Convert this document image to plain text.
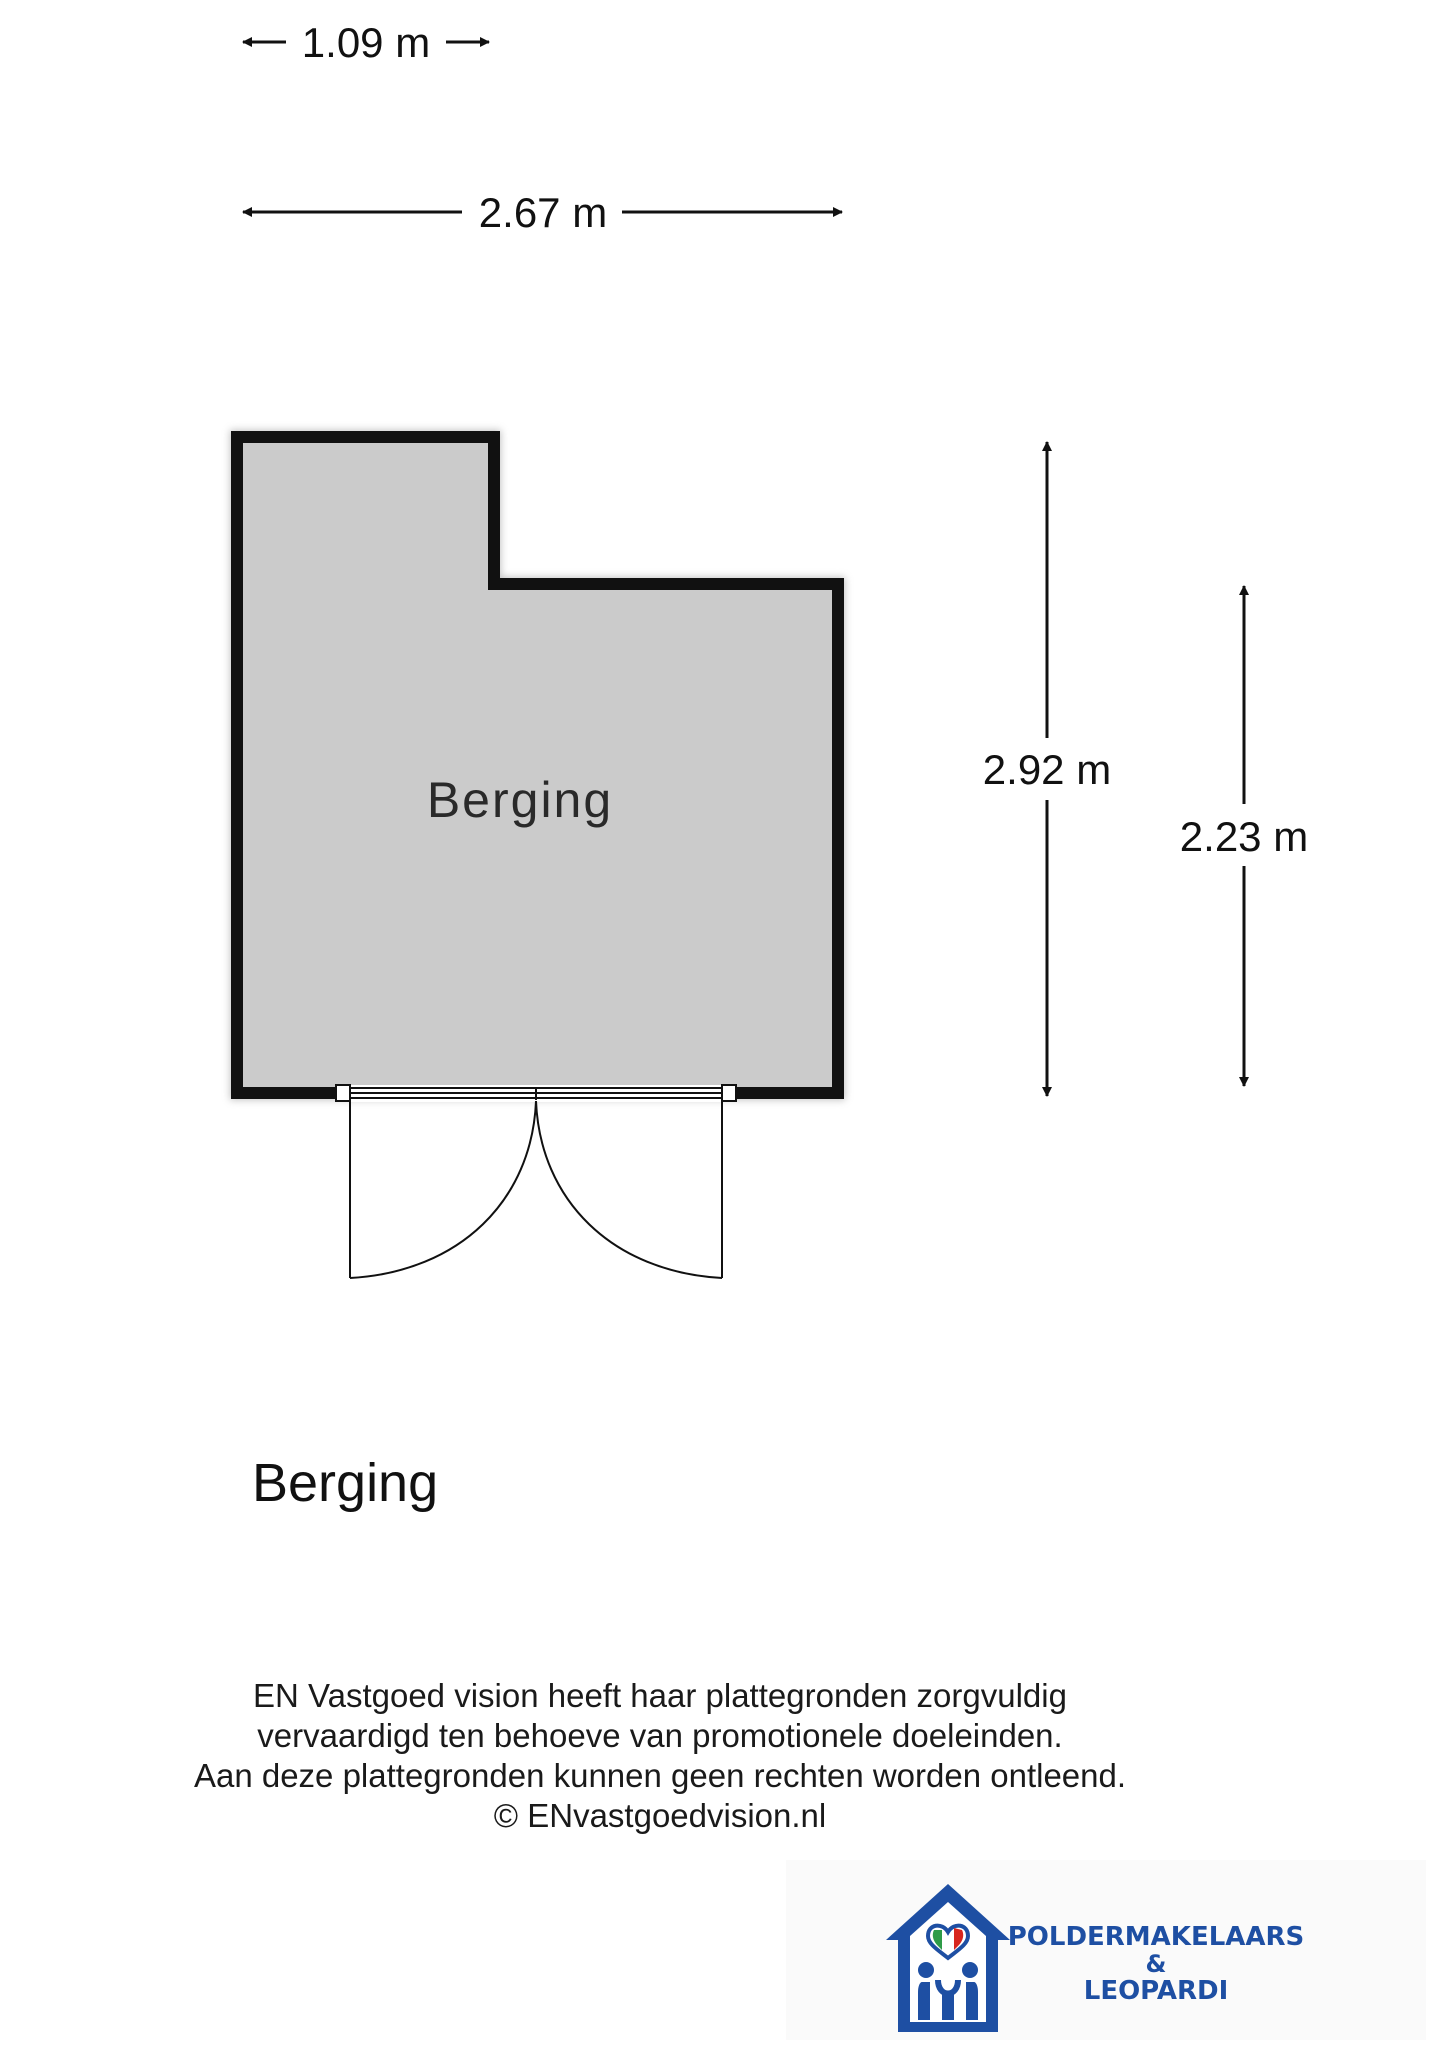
1.09 m
2.67 m
2.92 m
2.23 m
Berging
Berging
EN Vastgoed vision heeft haar plattegronden zorgvuldig
vervaardigd ten behoeve van promotionele doeleinden.
Aan deze plattegronden kunnen geen rechten worden ontleend.
© ENvastgoedvision.nl
POLDERMAKELAARS
&
LEOPARDI
